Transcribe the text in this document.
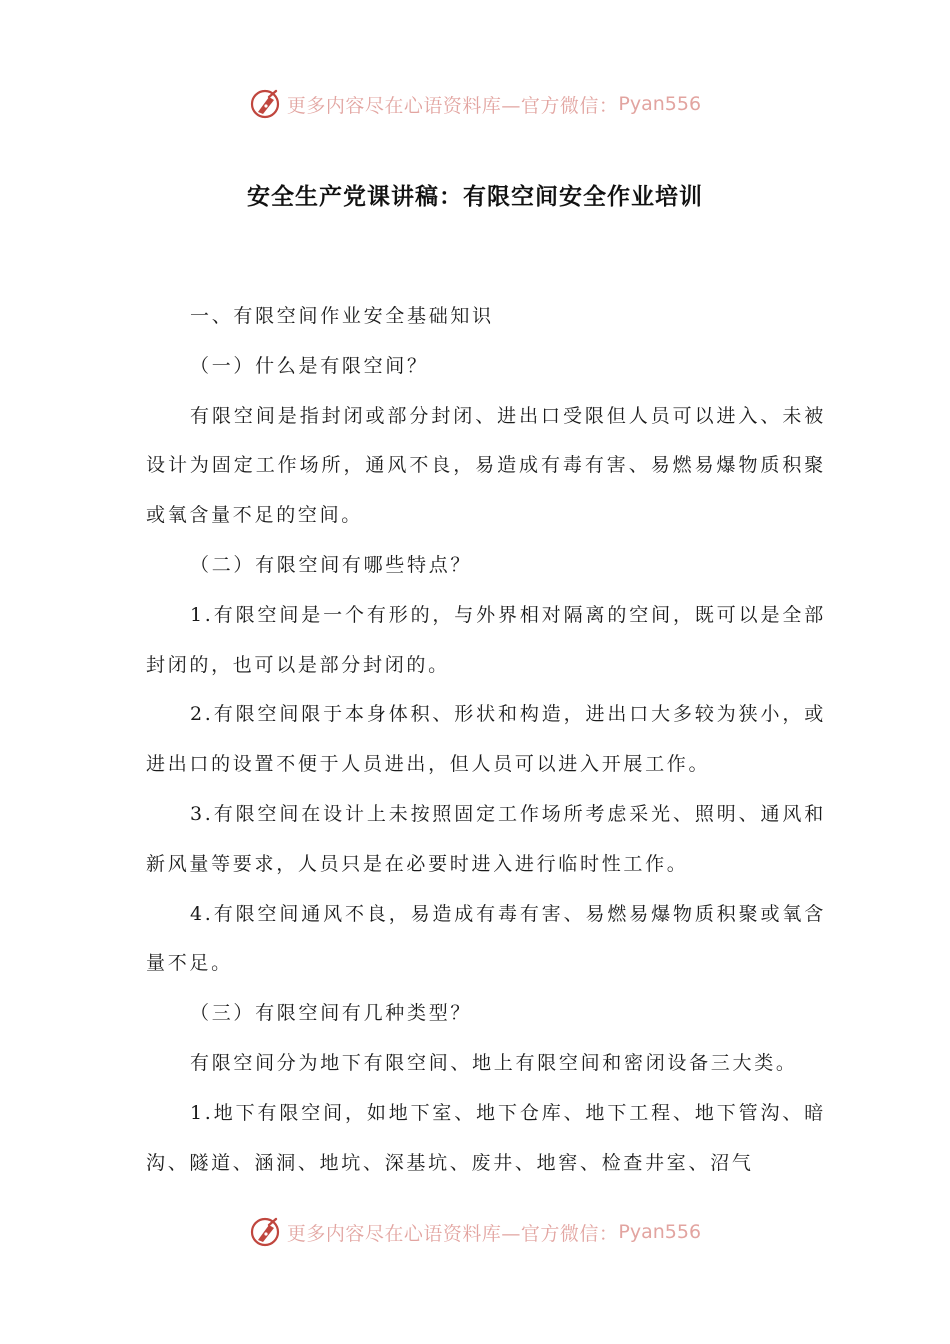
更多内容尽在心语资料库—官方微信： Pyan556
安全生产党课讲稿：有限空间安全作业培训

一、有限空间作业安全基础知识

（一）什么是有限空间？

有限空间是指封闭或部分封闭、进出口受限但人员可以进入、未被设计为固定工作场所，通风不良，易造成有毒有害、易燃易爆物质积聚或氧含量不足的空间。

（二）有限空间有哪些特点？

1.有限空间是一个有形的，与外界相对隔离的空间，既可以是全部封闭的，也可以是部分封闭的。

2.有限空间限于本身体积、形状和构造，进出口大多较为狭小，或进出口的设置不便于人员进出，但人员可以进入开展工作。

3.有限空间在设计上未按照固定工作场所考虑采光、照明、通风和新风量等要求，人员只是在必要时进入进行临时性工作。

4.有限空间通风不良，易造成有毒有害、易燃易爆物质积聚或氧含量不足。

（三）有限空间有几种类型？

有限空间分为地下有限空间、地上有限空间和密闭设备三大类。

1.地下有限空间，如地下室、地下仓库、地下工程、地下管沟、暗沟、隧道、涵洞、地坑、深基坑、废井、地窖、检查井室、沼气

更多内容尽在心语资料库—官方微信： Pyan556
